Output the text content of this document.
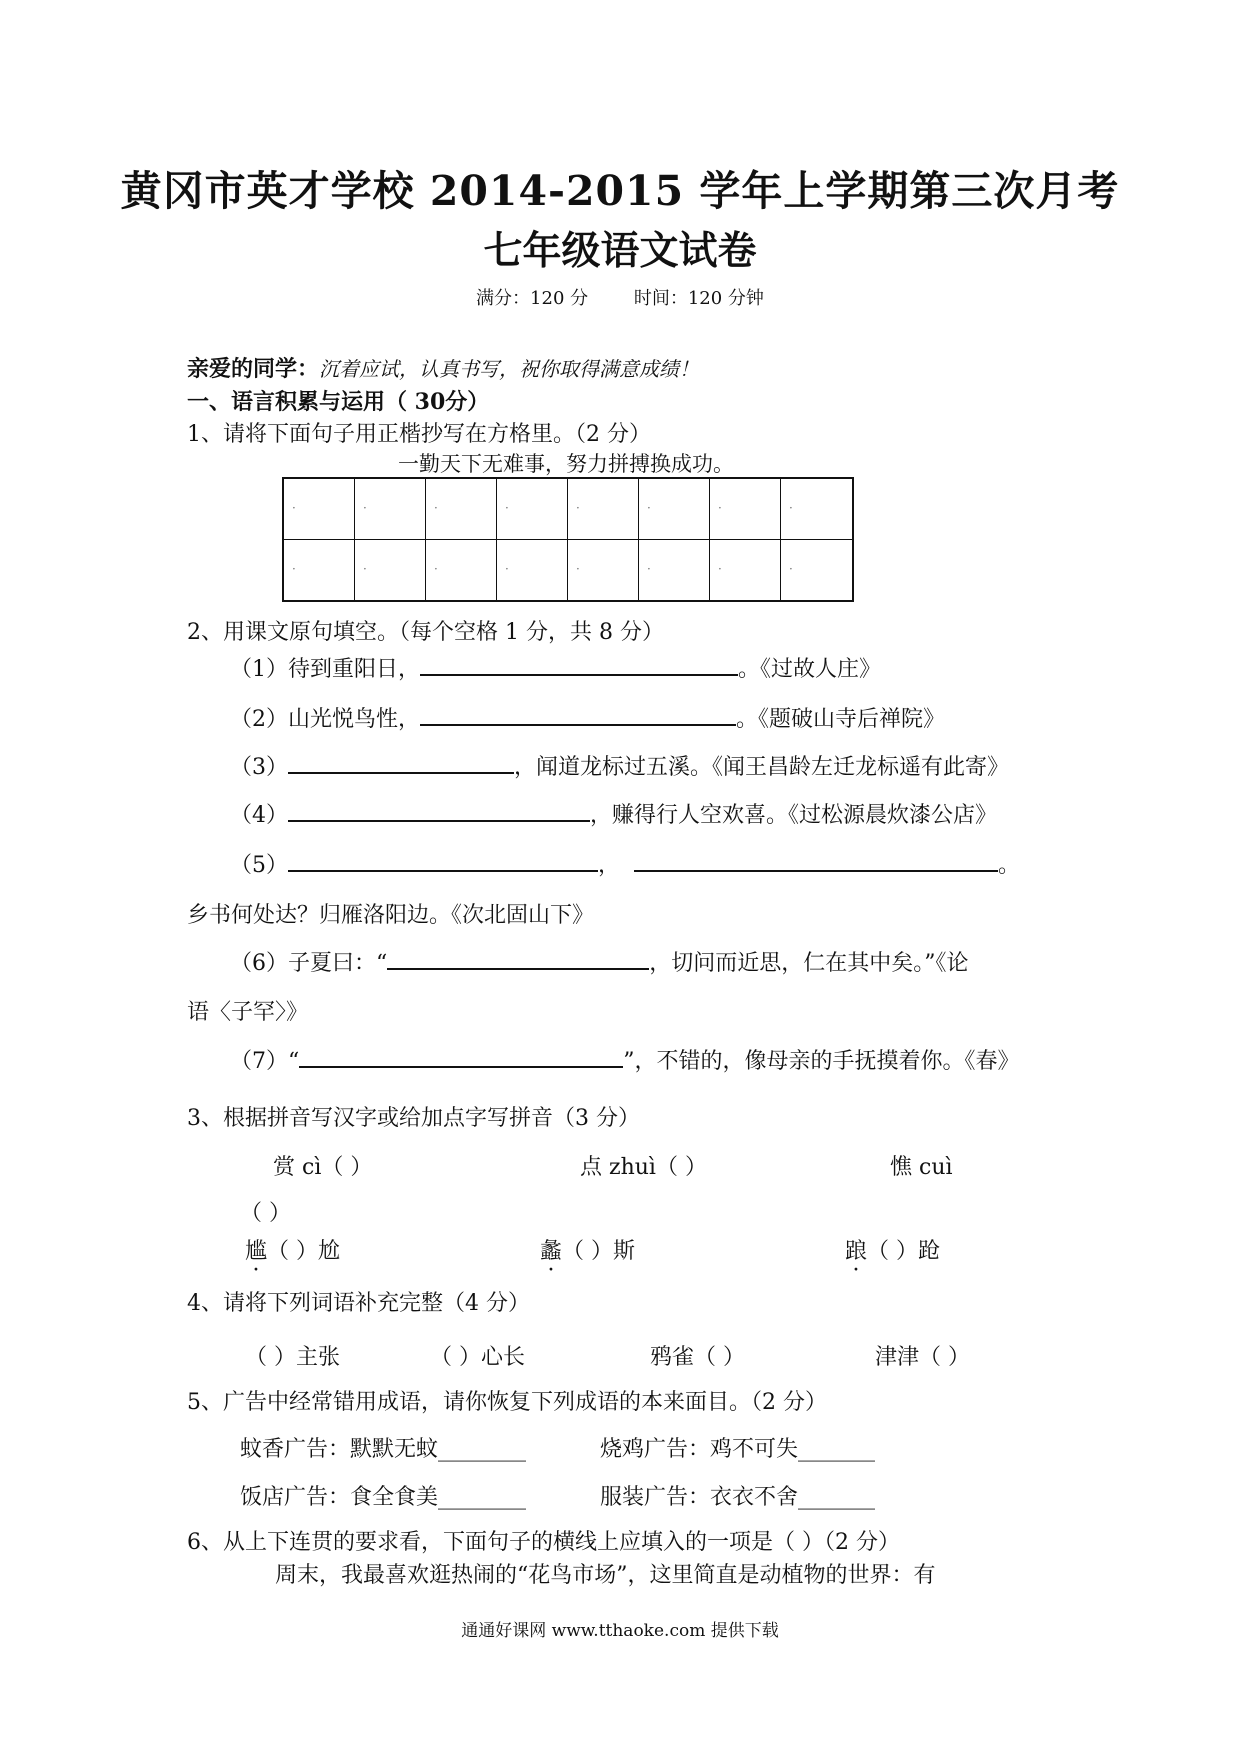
黄冈市英才学校 2014-2015 学年上学期第三次月考
七年级语文试卷
满分：120 分	时间：120 分钟
亲爱的同学：沉着应试，认真书写，祝你取得满意成绩！
一、语言积累与运用（ 30分）
1、请将下面句子用正楷抄写在方格里。（2 分）
一勤天下无难事，努力拼搏换成功。
·
·
·
·
·
·
·
·
·
·
·
·
·
·
·
·
2、用课文原句填空。（每个空格 1 分，共 8 分）
（1）待到重阳日，	。《过故人庄》
（2）山光悦鸟性，	。《题破山寺后禅院》
（3）	，闻道龙标过五溪。《闻王昌龄左迁龙标遥有此寄》
（4）	，赚得行人空欢喜。《过松源晨炊漆公店》
（5）	，	。
乡书何处达？归雁洛阳边。《次北固山下》
（6）子夏曰：“	，切问而近思，仁在其中矣。”《论
语〈子罕〉》
（7）“	”，不错的，像母亲的手抚摸着你。《春》
3、根据拼音写汉字或给加点字写拼音（3 分）
赏 cì（ ）	点 zhuì（ ）	憔 cuì
（ ）
尴（ ）尬	蠡（ ）斯	踉（ ）跄
4、请将下列词语补充完整（4 分）
（ ）主张	（ ）心长	鸦雀（ ）	津津（ ）
5、广告中经常错用成语，请你恢复下列成语的本来面目。（2 分）
蚊香广告：默默无蚊________	烧鸡广告：鸡不可失_______
饭店广告：食全食美________	服装广告：衣衣不舍_______
6、从上下连贯的要求看，下面句子的横线上应填入的一项是（ ）（2 分）
周末，我最喜欢逛热闹的“花鸟市场”，这里简直是动植物的世界：有
通通好课网 www.tthaoke.com 提供下载
